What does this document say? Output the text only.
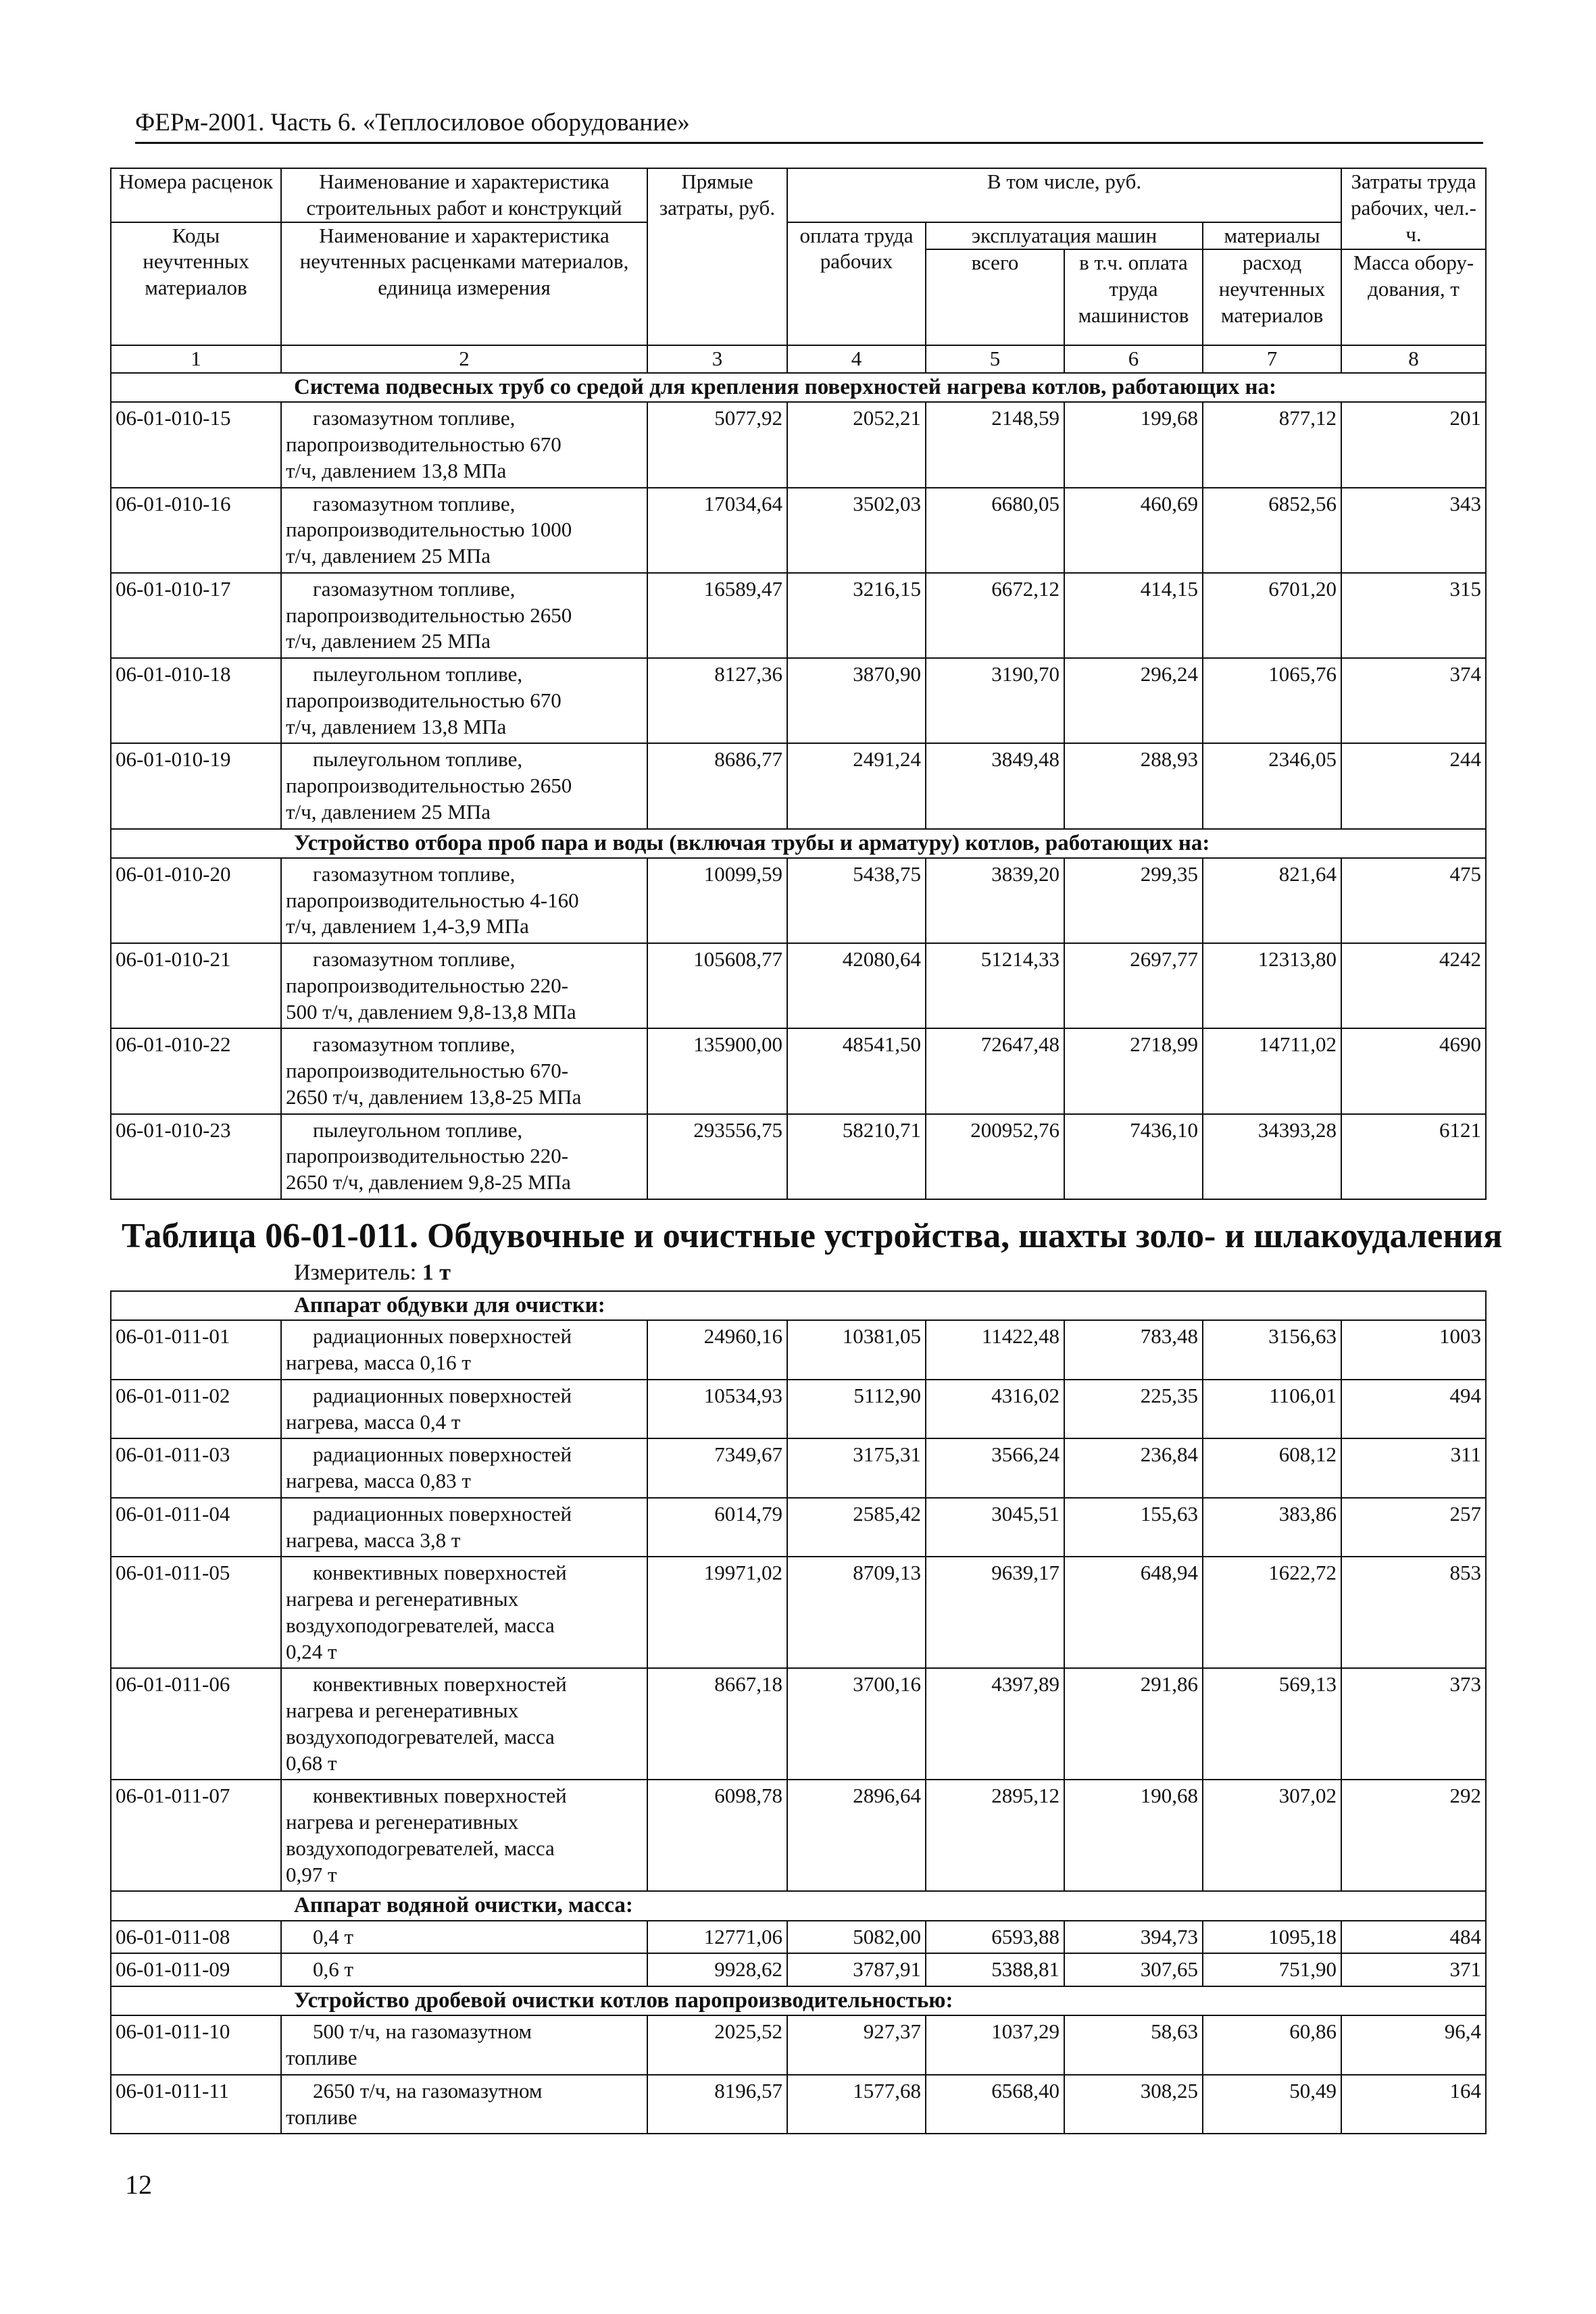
ФЕРм-2001. Часть 6. «Теплосиловое оборудование»
Номера расценок	Наименование и характеристика строительных работ и конструкций	Прямые затраты, руб.	В том числе, руб.				Затраты труда рабочих, чел.-ч.
Коды неучтенных материалов	Наименование и характеристика неучтенных расценками материалов, единица измерения		оплата труда рабочих	эксплуатация машин		материалы	
				всего	в т.ч. оплата труда машинистов	расход неучтенных материалов	Масса обору- дования, т
1	2	3	4	5	6	7	8
Система подвесных труб со средой для крепления поверхностей нагрева котлов, работающих на:							
06-01-010-15	газомазутном топливе,
паропроизводительностью 670
т/ч, давлением 13,8 МПа	5077,92	2052,21	2148,59	199,68	877,12	201
06-01-010-16	газомазутном топливе,
паропроизводительностью 1000
т/ч, давлением 25 МПа	17034,64	3502,03	6680,05	460,69	6852,56	343
06-01-010-17	газомазутном топливе,
паропроизводительностью 2650
т/ч, давлением 25 МПа	16589,47	3216,15	6672,12	414,15	6701,20	315
06-01-010-18	пылеугольном топливе,
паропроизводительностью 670
т/ч, давлением 13,8 МПа	8127,36	3870,90	3190,70	296,24	1065,76	374
06-01-010-19	пылеугольном топливе,
паропроизводительностью 2650
т/ч, давлением 25 МПа	8686,77	2491,24	3849,48	288,93	2346,05	244
Устройство отбора проб пара и воды (включая трубы и арматуру) котлов, работающих на:							
06-01-010-20	газомазутном топливе,
паропроизводительностью 4-160
т/ч, давлением 1,4-3,9 МПа	10099,59	5438,75	3839,20	299,35	821,64	475
06-01-010-21	газомазутном топливе,
паропроизводительностью 220-
500 т/ч, давлением 9,8-13,8 МПа	105608,77	42080,64	51214,33	2697,77	12313,80	4242
06-01-010-22	газомазутном топливе,
паропроизводительностью 670-
2650 т/ч, давлением 13,8-25 МПа	135900,00	48541,50	72647,48	2718,99	14711,02	4690
06-01-010-23	пылеугольном топливе,
паропроизводительностью 220-
2650 т/ч, давлением 9,8-25 МПа	293556,75	58210,71	200952,76	7436,10	34393,28	6121
Таблица 06-01-011. Обдувочные и очистные устройства, шахты золо- и шлакоудаления
Измеритель: 1 т
Аппарат обдувки для очистки:							
06-01-011-01	радиационных поверхностей
нагрева, масса 0,16 т	24960,16	10381,05	11422,48	783,48	3156,63	1003
06-01-011-02	радиационных поверхностей
нагрева, масса 0,4 т	10534,93	5112,90	4316,02	225,35	1106,01	494
06-01-011-03	радиационных поверхностей
нагрева, масса 0,83 т	7349,67	3175,31	3566,24	236,84	608,12	311
06-01-011-04	радиационных поверхностей
нагрева, масса 3,8 т	6014,79	2585,42	3045,51	155,63	383,86	257
06-01-011-05	конвективных поверхностей
нагрева и регенеративных
воздухоподогревателей, масса
0,24 т	19971,02	8709,13	9639,17	648,94	1622,72	853
06-01-011-06	конвективных поверхностей
нагрева и регенеративных
воздухоподогревателей, масса
0,68 т	8667,18	3700,16	4397,89	291,86	569,13	373
06-01-011-07	конвективных поверхностей
нагрева и регенеративных
воздухоподогревателей, масса
0,97 т	6098,78	2896,64	2895,12	190,68	307,02	292
Аппарат водяной очистки, масса:							
06-01-011-08	0,4 т	12771,06	5082,00	6593,88	394,73	1095,18	484
06-01-011-09	0,6 т	9928,62	3787,91	5388,81	307,65	751,90	371
Устройство дробевой очистки котлов паропроизводительностью:							
06-01-011-10	500 т/ч, на газомазутном
топливе	2025,52	927,37	1037,29	58,63	60,86	96,4
06-01-011-11	2650 т/ч, на газомазутном
топливе	8196,57	1577,68	6568,40	308,25	50,49	164
12
